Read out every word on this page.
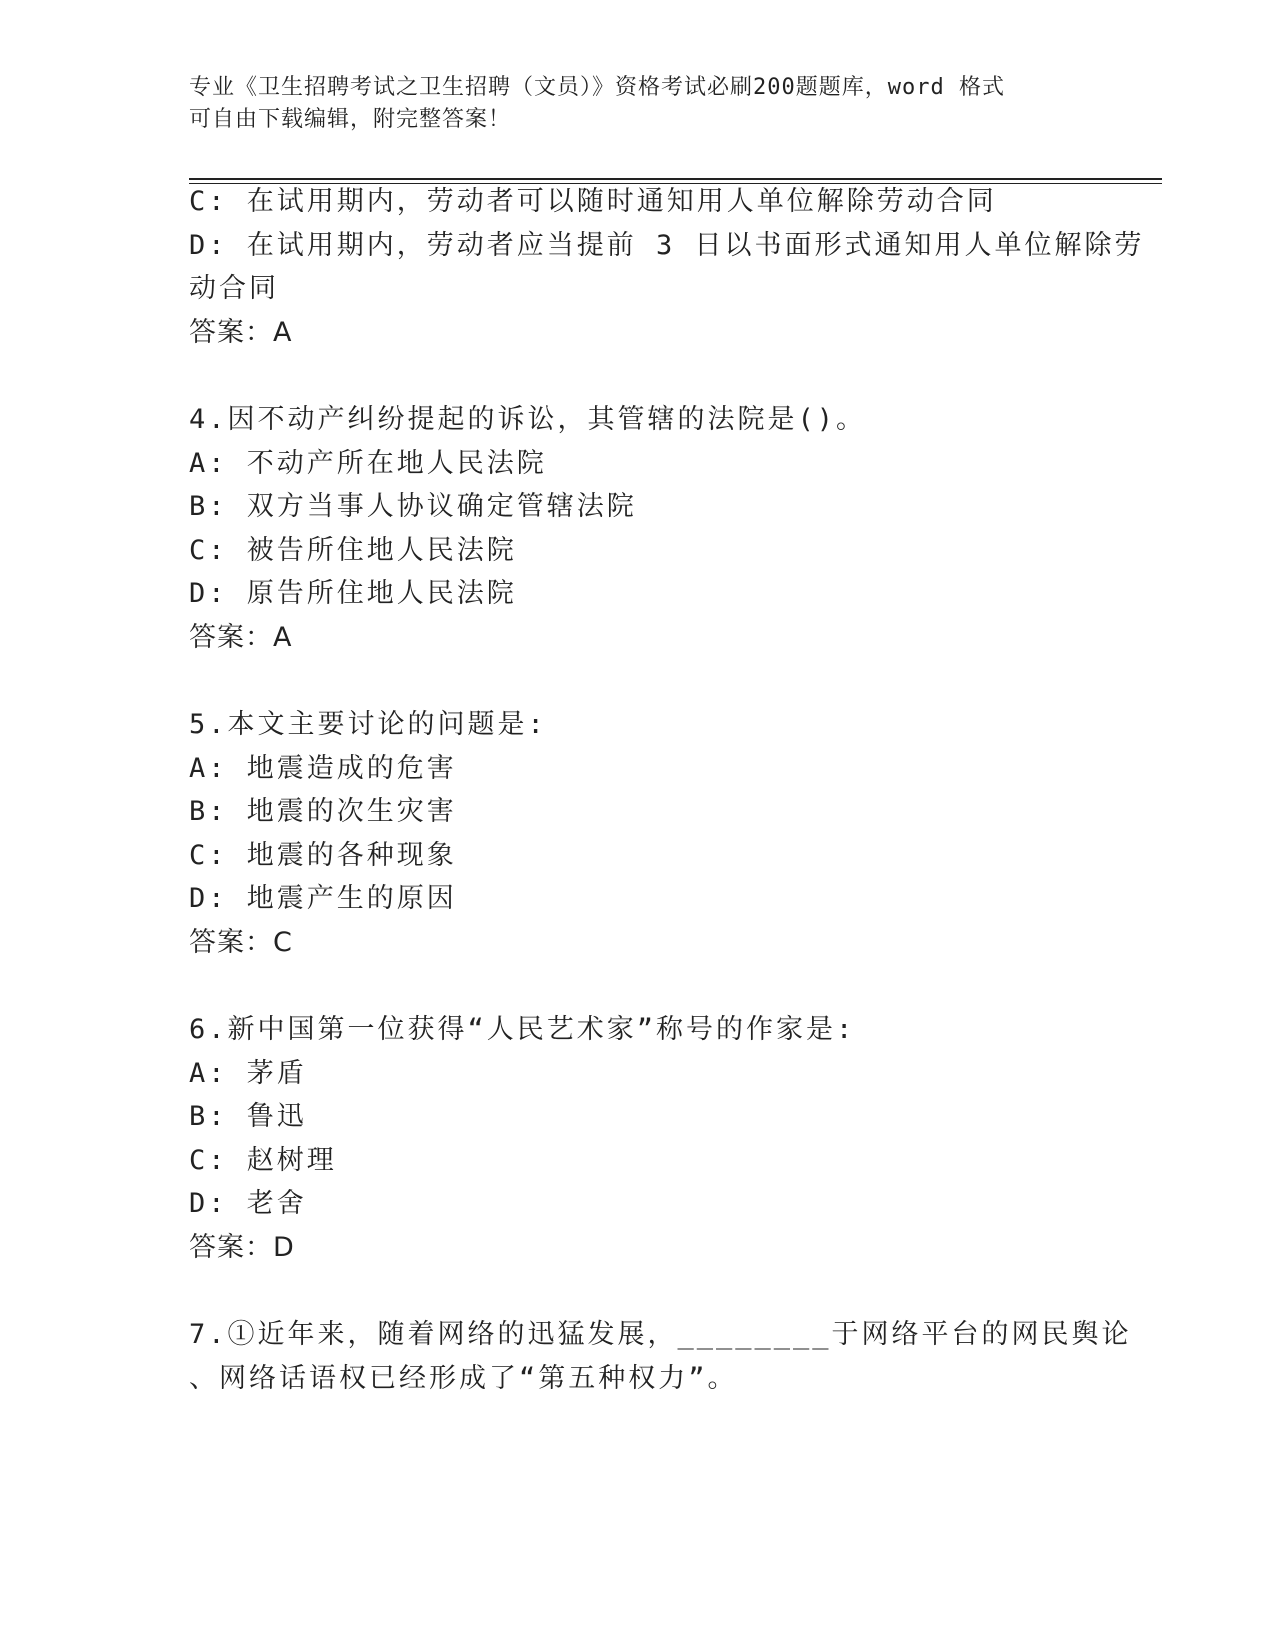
专业《卫生招聘考试之卫生招聘（文员）》资格考试必刷200题题库，word 格式
可自由下载编辑，附完整答案！
C: 在试用期内，劳动者可以随时通知用人单位解除劳动合同
D: 在试用期内，劳动者应当提前 3 日以书面形式通知用人单位解除劳
动合同
答案：A
4.因不动产纠纷提起的诉讼，其管辖的法院是()。
A: 不动产所在地人民法院
B: 双方当事人协议确定管辖法院
C: 被告所住地人民法院
D: 原告所住地人民法院
答案：A
5.本文主要讨论的问题是:
A: 地震造成的危害
B: 地震的次生灾害
C: 地震的各种现象
D: 地震产生的原因
答案：C
6.新中国第一位获得“人民艺术家”称号的作家是:
A: 茅盾
B: 鲁迅
C: 赵树理
D: 老舍
答案：D
7.①近年来，随着网络的迅猛发展，________于网络平台的网民舆论
、网络话语权已经形成了“第五种权力”。
